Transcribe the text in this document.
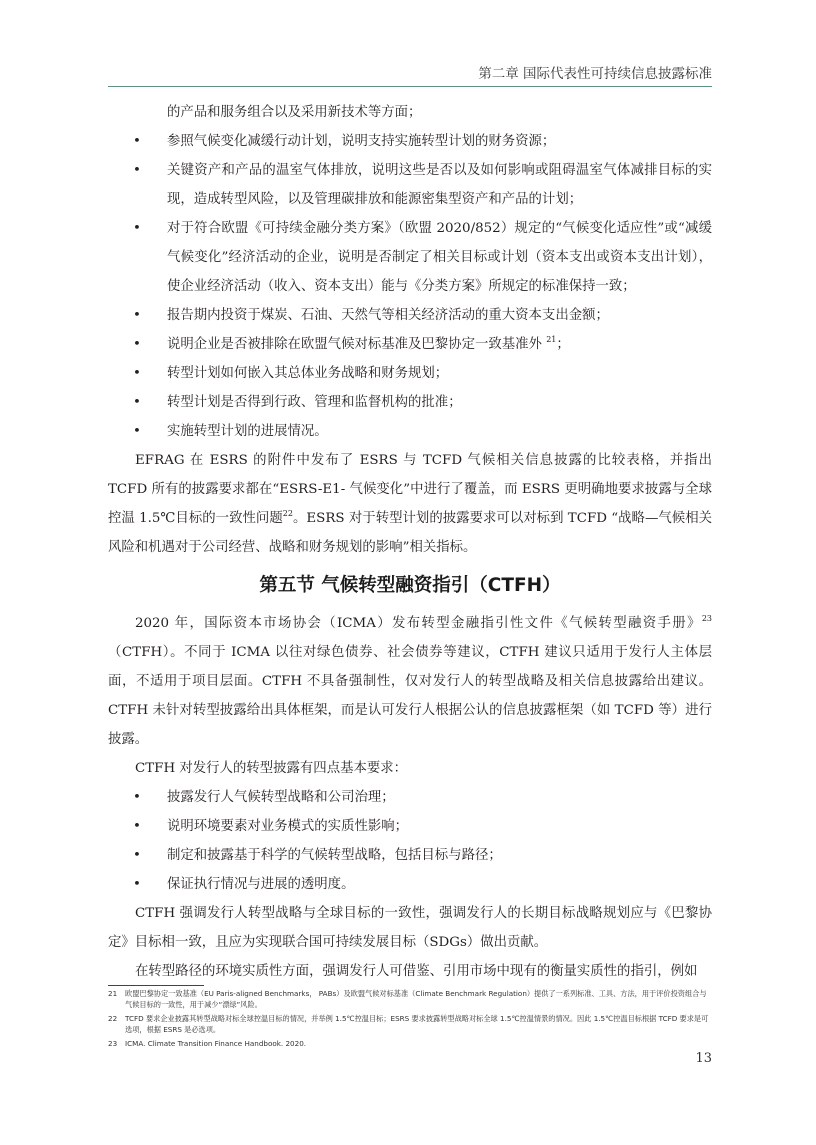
第二章 国际代表性可持续信息披露标准

的产品和服务组合以及采用新技术等方面；

• 参照气候变化减缓行动计划，说明支持实施转型计划的财务资源；
• 关键资产和产品的温室气体排放，说明这些是否以及如何影响或阻碍温室气体减排目标的实现，造成转型风险，以及管理碳排放和能源密集型资产和产品的计划；
• 对于符合欧盟《可持续金融分类方案》（欧盟 2020/852）规定的“气候变化适应性”或“减缓气候变化”经济活动的企业，说明是否制定了相关目标或计划（资本支出或资本支出计划），使企业经济活动（收入、资本支出）能与《分类方案》所规定的标准保持一致；
• 报告期内投资于煤炭、石油、天然气等相关经济活动的重大资本支出金额；
• 说明企业是否被排除在欧盟气候对标基准及巴黎协定一致基准外 $^{21}$；
• 转型计划如何嵌入其总体业务战略和财务规划；
• 转型计划是否得到行政、管理和监督机构的批准；
• 实施转型计划的进展情况。

EFRAG 在 ESRS 的附件中发布了 ESRS 与 TCFD 气候相关信息披露的比较表格，并指出 TCFD 所有的披露要求都在“ESRS-E1- 气候变化”中进行了覆盖，而 ESRS 更明确地要求披露与全球控温 1.5℃目标的一致性问题$^{22}$。ESRS 对于转型计划的披露要求可以对标到 TCFD “战略—气候相关风险和机遇对于公司经营、战略和财务规划的影响”相关指标。

第五节 气候转型融资指引（CTFH）

2020 年，国际资本市场协会（ICMA）发布转型金融指引性文件《气候转型融资手册》$^{23}$（CTFH）。不同于 ICMA 以往对绿色债券、社会债券等建议，CTFH 建议只适用于发行人主体层面，不适用于项目层面。CTFH 不具备强制性，仅对发行人的转型战略及相关信息披露给出建议。CTFH 未针对转型披露给出具体框架，而是认可发行人根据公认的信息披露框架（如 TCFD 等）进行披露。

CTFH 对发行人的转型披露有四点基本要求：

• 披露发行人气候转型战略和公司治理；
• 说明环境要素对业务模式的实质性影响；
• 制定和披露基于科学的气候转型战略，包括目标与路径；
• 保证执行情况与进展的透明度。

CTFH 强调发行人转型战略与全球目标的一致性，强调发行人的长期目标战略规划应与《巴黎协定》目标相一致，且应为实现联合国可持续发展目标（SDGs）做出贡献。

在转型路径的环境实质性方面，强调发行人可借鉴、引用市场中现有的衡量实质性的指引，例如

21 欧盟巴黎协定一致基准（EU Paris-aligned Benchmarks， PABs）及欧盟气候对标基准（Climate Benchmark Regulation）提供了一系列标准、工具、方法，用于评价投资组合与气候目标的一致性，用于减少“漂绿”风险。
22 TCFD 要求企业披露其转型战略对标全球控温目标的情况，并举例 1.5℃控温目标；ESRS 要求披露转型战略对标全球 1.5℃控温情景的情况。因此 1.5℃控温目标根据 TCFD 要求是可选项，根据 ESRS 是必选项。
23 ICMA. Climate Transition Finance Handbook. 2020.
13
